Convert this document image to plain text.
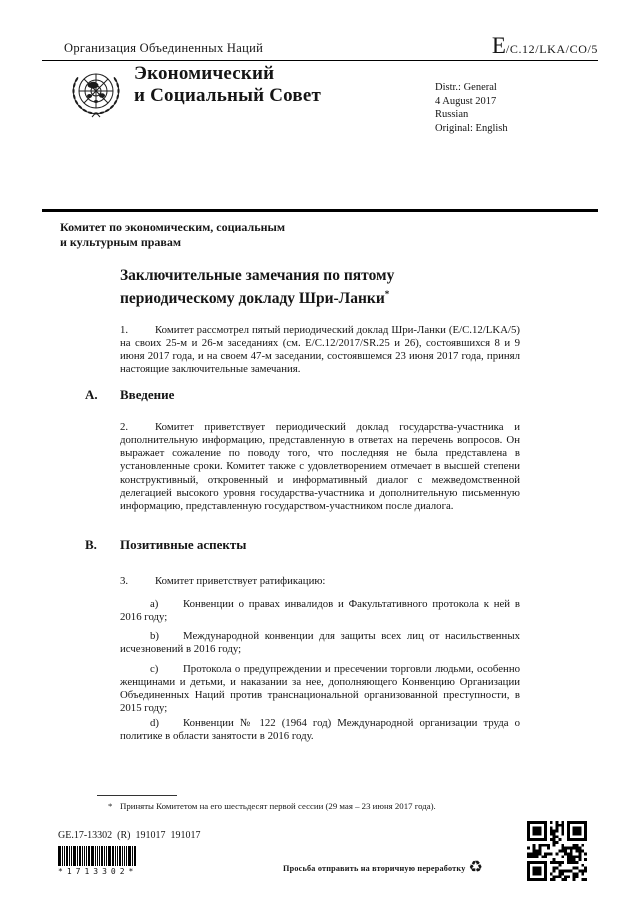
Организация Объединенных Наций	E/C.12/LKA/CO/5
Экономический
и Социальный Совет	Distr.: General
4 August 2017
Russian
Original: English
Комитет по экономическим, социальным
и культурным правам
Заключительные замечания по пятому
периодическому докладу Шри-Ланки*

1. Комитет рассмотрел пятый периодический доклад Шри-Ланки (E/C.12/LKA/5) на своих 25-м и 26-м заседаниях (см. E/C.12/2017/SR.25 и 26), состоявшихся 8 и 9 июня 2017 года, и на своем 47-м заседании, состоявшемся 23 июня 2017 года, принял настоящие заключительные замечания.

A. Введение

2. Комитет приветствует периодический доклад государства-участника и дополнительную информацию, представленную в ответах на перечень вопросов. Он выражает сожаление по поводу того, что последняя не была представлена в установленные сроки. Комитет также с удовлетворением отмечает в высшей степени конструктивный, откровенный и информативный диалог с межведомственной делегацией высокого уровня государства-участника и дополнительную письменную информацию, представленную государством-участником после диалога.

B. Позитивные аспекты

3. Комитет приветствует ратификацию:

a) Конвенции о правах инвалидов и Факультативного протокола к ней в 2016 году;

b) Международной конвенции для защиты всех лиц от насильственных исчезновений в 2016 году;

c) Протокола о предупреждении и пресечении торговли людьми, особенно женщинами и детьми, и наказании за нее, дополняющего Конвенцию Организации Объединенных Наций против транснациональной организованной преступности, в 2015 году;

d) Конвенции № 122 (1964 год) Международной организации труда о политике в области занятости в 2016 году.

* Приняты Комитетом на его шестьдесят первой сессии (29 мая – 23 июня 2017 года).
GE.17-13302  (R)  191017  191017
*1713302*	Просьба отправить на вторичную переработку ♻
